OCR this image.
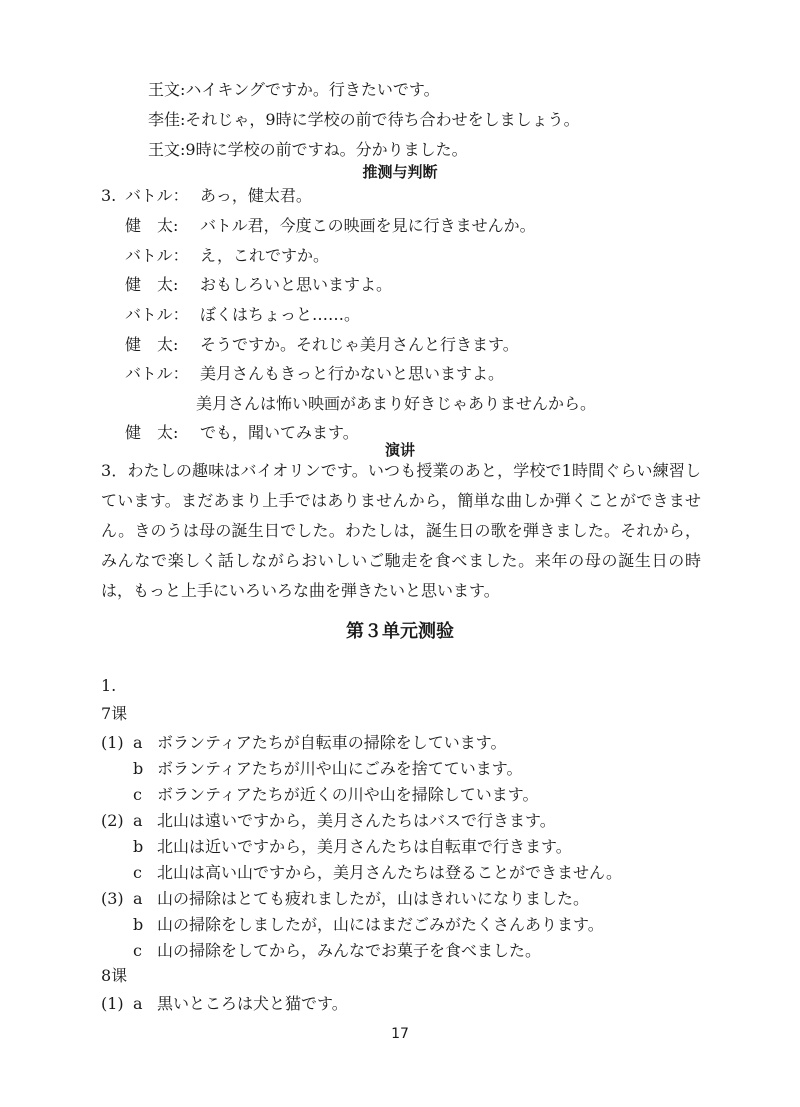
王文:ハイキングですか。行きたいです。
李佳:それじゃ，9時に学校の前で待ち合わせをしましょう。
王文:9時に学校の前ですね。分かりました。
推测与判断
3. バトル： あっ，健太君。
健　太: バトル君，今度この映画を見に行きませんか。
バトル： え，これですか。
健　太: おもしろいと思いますよ。
バトル： ぼくはちょっと……。
健　太: そうですか。それじゃ美月さんと行きます。
バトル： 美月さんもきっと行かないと思いますよ。
美月さんは怖い映画があまり好きじゃありませんから。
健　太: でも，聞いてみます。
演讲
3．わたしの趣味はバイオリンです。いつも授業のあと，学校で1時間ぐらい練習しています。まだあまり上手ではありませんから，簡単な曲しか弾くことができません。きのうは母の誕生日でした。わたしは，誕生日の歌を弾きました。それから，みんなで楽しく話しながらおいしいご馳走を食べました。来年の母の誕生日の時は，もっと上手にいろいろな曲を弾きたいと思います。
第３单元测验
1.
7课
(1) a ボランティアたちが自転車の掃除をしています。
b ボランティアたちが川や山にごみを捨てています。
c ボランティアたちが近くの川や山を掃除しています。
(2) a 北山は遠いですから，美月さんたちはバスで行きます。
b 北山は近いですから，美月さんたちは自転車で行きます。
c 北山は高い山ですから，美月さんたちは登ることができません。
(3) a 山の掃除はとても疲れましたが，山はきれいになりました。
b 山の掃除をしましたが，山にはまだごみがたくさんあります。
c 山の掃除をしてから，みんなでお菓子を食べました。
8课
(1) a 黒いところは犬と猫です。
17
